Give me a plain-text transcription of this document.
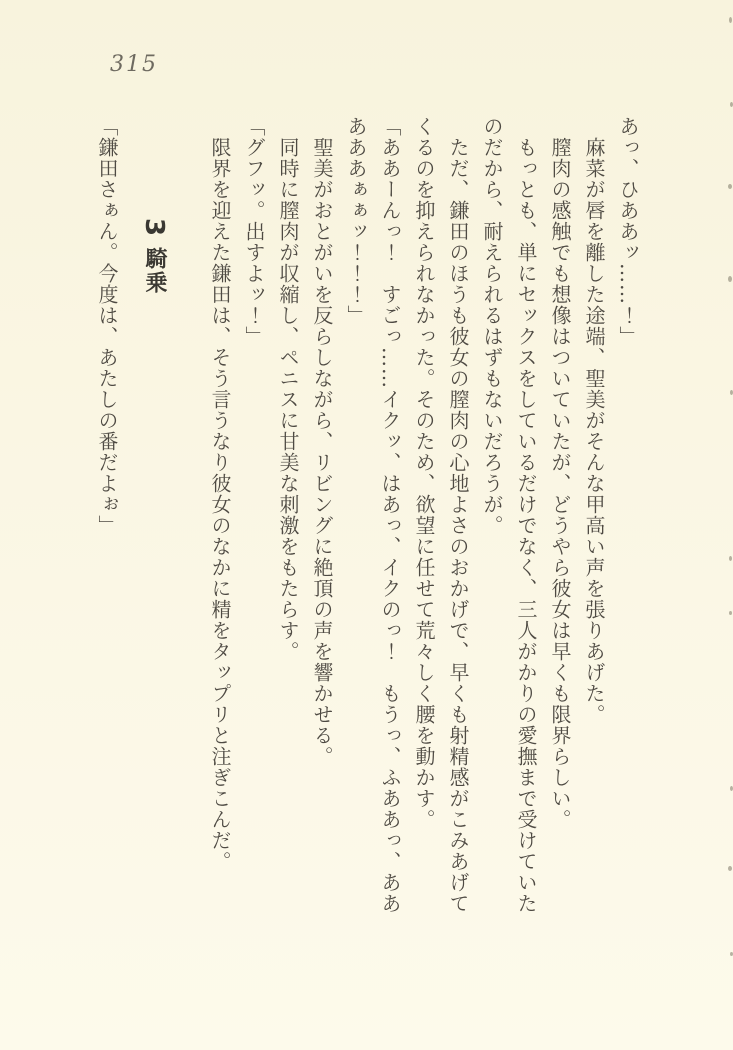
315

あっ、ひああッ……！」

　麻菜が唇を離した途端、聖美がそんな甲高い声を張りあげた。

　膣肉の感触でも想像はついていたが、どうやら彼女は早くも限界らしい。

　もっとも、単にセックスをしているだけでなく、三人がかりの愛撫まで受けていた

のだから、耐えられるはずもないだろうが。

　ただ、鎌田のほうも彼女の膣肉の心地よさのおかげで、早くも射精感がこみあげて

くるのを抑えられなかった。そのため、欲望に任せて荒々しく腰を動かす。

「ああーんっ！　すごっ……イクッ、はあっ、イクのっ！　もうっ、ふああっ、ああ

あああぁぁッ！！！」

　聖美がおとがいを反らしながら、リビングに絶頂の声を響かせる。

　同時に膣肉が収縮し、ペニスに甘美な刺激をもたらす。

「グフッ。出すよッ！」

　限界を迎えた鎌田は、そう言うなり彼女のなかに精をタップリと注ぎこんだ。

3騎乗

「鎌田さぁん。今度は、あたしの番だよぉ」
